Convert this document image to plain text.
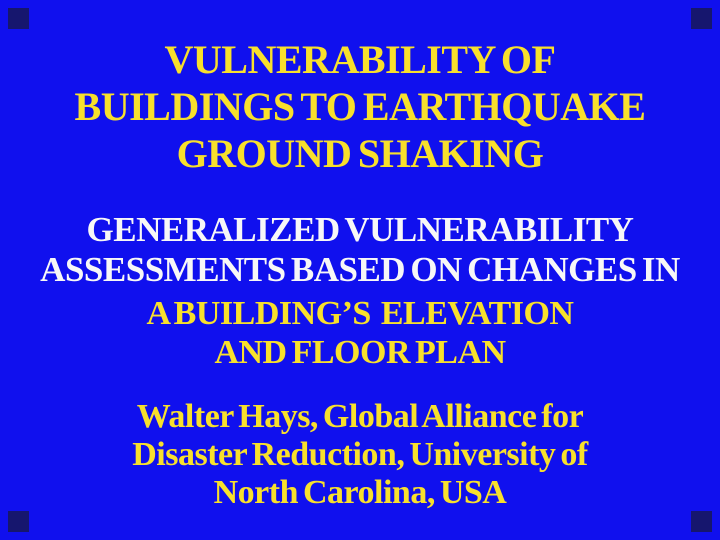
VULNERABILITY OF
BUILDINGS TO EARTHQUAKE
GROUND SHAKING
GENERALIZED VULNERABILITY
ASSESSMENTS BASED ON CHANGES IN
A BUILDING’S  ELEVATION
AND FLOOR PLAN
Walter Hays, Global Alliance for
Disaster Reduction, University of
North Carolina, USA
